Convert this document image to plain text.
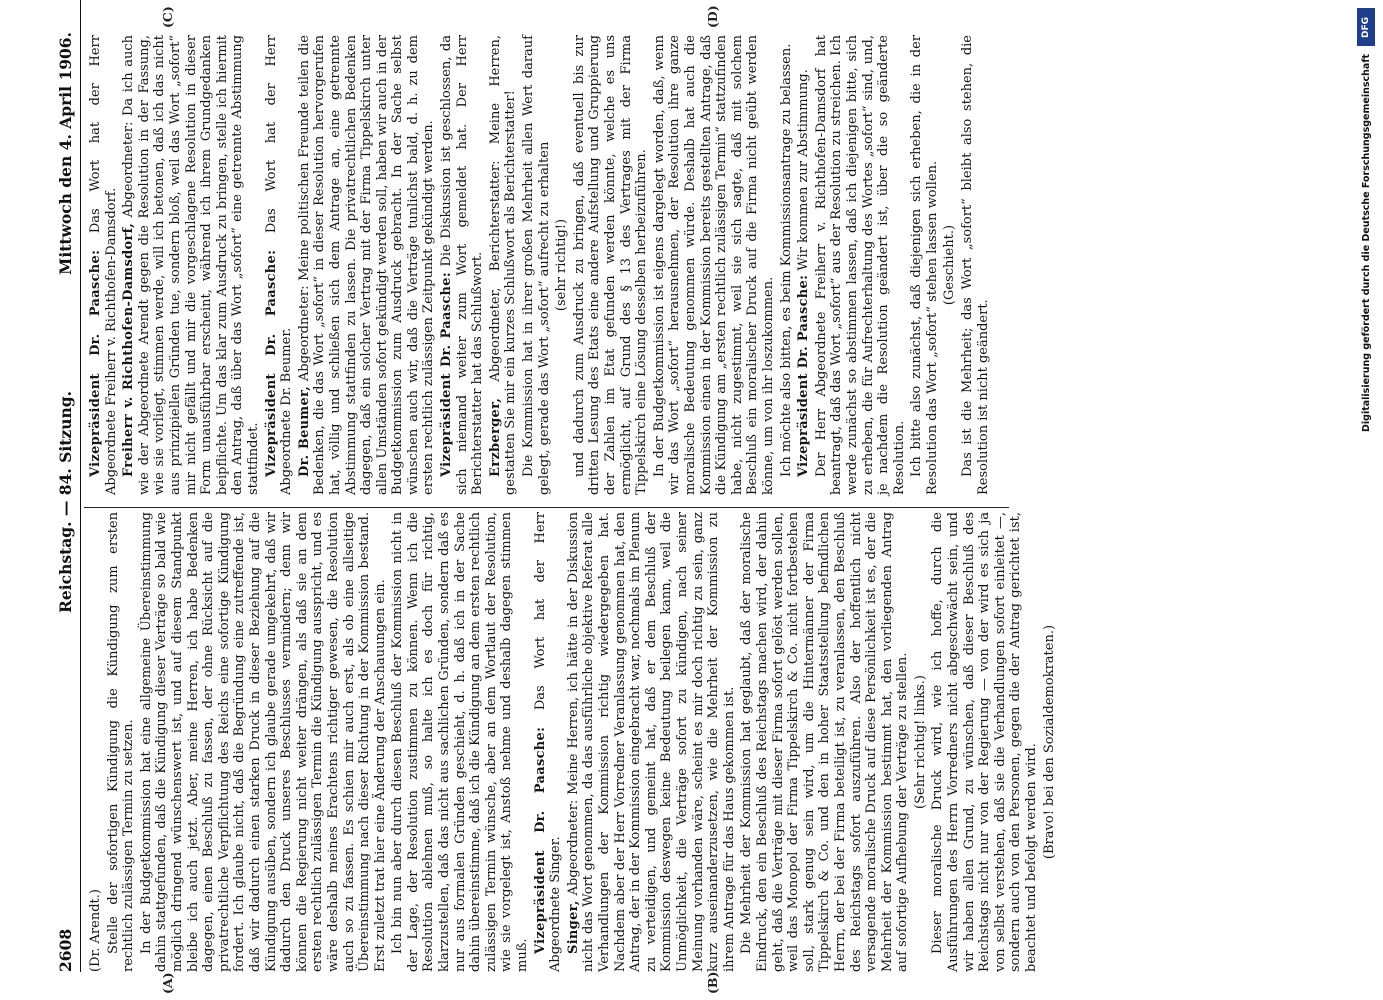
2608
Reichstag. — 84. Sitzung.
Mittwoch den 4. April 1906.
(A)	(B)
(C)	(D)

(Dr. Arendt.) Stelle der sofortigen Kündigung die Kündigung zum ersten rechtlich zulässigen Termin zu setzen. In der Budgetkommission hat eine allgemeine Übereinstimmung dahin stattgefunden, daß die Kündigung dieser Verträge so bald wie möglich dringend wünschenswert ist, und auf diesem Standpunkt bleibe ich auch jetzt. Aber, meine Herren, ich habe Bedenken dagegen, einen Beschluß zu fassen, der ohne Rücksicht auf die privatrechtliche Verpflichtung des Reichs eine sofortige Kündigung fordert. Ich glaube nicht, daß die Begründung eine zutreffende ist, daß wir dadurch einen starken Druck in dieser Beziehung auf die Kündigung ausüben, sondern ich glaube gerade umgekehrt, daß wir dadurch den Druck unseres Beschlusses vermindern; denn wir können die Regierung nicht weiter drängen, als daß sie an dem ersten rechtlich zulässigen Termin die Kündigung ausspricht, und es wäre deshalb meines Erachtens richtiger gewesen, die Resolution auch so zu fassen. Es schien mir auch erst, als ob eine allseitige Übereinstimmung nach dieser Richtung in der Kommission bestand. Erst zuletzt trat hier eine Änderung der Anschauungen ein. Ich bin nun aber durch diesen Beschluß der Kommission nicht in der Lage, der Resolution zustimmen zu können. Wenn ich die Resolution ablehnen muß, so halte ich es doch für richtig, klarzustellen, daß das nicht aus sachlichen Gründen, sondern daß es nur aus formalen Gründen geschieht, d. h. daß ich in der Sache dahin übereinstimme, daß ich die Kündigung an dem ersten rechtlich zulässigen Termin wünsche, aber an dem Wortlaut der Resolution, wie sie vorgelegt ist, Anstoß nehme und deshalb dagegen stimmen muß.

Vizepräsident Dr. Paasche: Das Wort hat der Herr Abgeordnete Singer. Singer, Abgeordneter: Meine Herren, ich hätte in der Diskussion nicht das Wort genommen, da das ausführliche objektive Referat alle Verhandlungen der Kommission richtig wiedergegeben hat. Nachdem aber der Herr Vorredner Veranlassung genommen hat, den Antrag, der in der Kommission eingebracht war, nochmals im Plenum zu verteidigen, und gemeint hat, daß er dem Beschluß der Kommission deswegen keine Bedeutung beilegen kann, weil die Unmöglichkeit, die Verträge sofort zu kündigen, nach seiner Meinung vorhanden wäre, scheint es mir doch richtig zu sein, ganz kurz auseinanderzusetzen, wie die Mehrheit der Kommission zu ihrem Antrage für das Haus gekommen ist. Die Mehrheit der Kommission hat geglaubt, daß der moralische Eindruck, den ein Beschluß des Reichstags machen wird, der dahin geht, daß die Verträge mit dieser Firma sofort gelöst werden sollen, weil das Monopol der Firma Tippelskirch & Co. nicht fortbestehen soll, stark genug sein wird, um die Hintermänner der Firma Tippelskirch & Co. und den in hoher Staatsstellung befindlichen Herrn, der bei der Firma beteiligt ist, zu veranlassen, den Beschluß des Reichstags sofort auszuführen. Also der hoffentlich nicht versagende moralische Druck auf diese Persönlichkeit ist es, der die Mehrheit der Kommission bestimmt hat, den vorliegenden Antrag auf sofortige Aufhebung der Verträge zu stellen. (Sehr richtig! links.) Dieser moralische Druck wird, wie ich hoffe, durch die Ausführungen des Herrn Vorredners nicht abgeschwächt sein, und wir haben allen Grund, zu wünschen, daß dieser Beschluß des Reichstags nicht nur von der Regierung — von der wird es sich ja von selbst verstehen, daß sie die Verhandlungen sofort einleitet —, sondern auch von den Personen, gegen die der Antrag gerichtet ist, beachtet und befolgt werden wird. (Bravo! bei den Sozialdemokraten.)

Vizepräsident Dr. Paasche: Das Wort hat der Herr Abgeordnete Freiherr v. Richthofen-Damsdorf. Freiherr v. Richthofen-Damsdorf, Abgeordneter: Da ich auch wie der Abgeordnete Arendt gegen die Resolution in der Fassung, wie sie vorliegt, stimmen werde, will ich betonen, daß ich das nicht aus prinzipiellen Gründen tue, sondern bloß, weil das Wort „sofort“ mir nicht gefällt und mir die vorgeschlagene Resolution in dieser Form unausführbar erscheint, während ich ihrem Grundgedanken beipflichte. Um das klar zum Ausdruck zu bringen, stelle ich hiermit den Antrag, daß über das Wort „sofort“ eine getrennte Abstimmung stattfindet. Vizepräsident Dr. Paasche: Das Wort hat der Herr Abgeordnete Dr. Beumer. Dr. Beumer, Abgeordneter: Meine politischen Freunde teilen die Bedenken, die das Wort „sofort“ in dieser Resolution hervorgerufen hat, völlig und schließen sich dem Antrage an, eine getrennte Abstimmung stattfinden zu lassen. Die privatrechtlichen Bedenken dagegen, daß ein solcher Vertrag mit der Firma Tippelskirch unter allen Umständen sofort gekündigt werden soll, haben wir auch in der Budgetkommission zum Ausdruck gebracht. In der Sache selbst wünschen auch wir, daß die Verträge tunlichst bald, d. h. zu dem ersten rechtlich zulässigen Zeitpunkt gekündigt werden. Vizepräsident Dr. Paasche: Die Diskussion ist geschlossen, da sich niemand weiter zum Wort gemeldet hat. Der Herr Berichterstatter hat das Schlußwort. Erzberger, Abgeordneter, Berichterstatter: Meine Herren, gestatten Sie mir ein kurzes Schlußwort als Berichterstatter! Die Kommission hat in ihrer großen Mehrheit allen Wert darauf gelegt, gerade das Wort „sofort“ aufrecht zu erhalten (sehr richtig!) und dadurch zum Ausdruck zu bringen, daß eventuell bis zur dritten Lesung des Etats eine andere Aufstellung und Gruppierung der Zahlen im Etat gefunden werden könnte, welche es uns ermöglicht, auf Grund des § 13 des Vertrages mit der Firma Tippelskirch eine Lösung desselben herbeizuführen. In der Budgetkommission ist eigens dargelegt worden, daß, wenn wir das Wort „sofort“ herausnehmen, der Resolution ihre ganze moralische Bedeutung genommen würde. Deshalb hat auch die Kommission einen in der Kommission bereits gestellten Antrage, daß die Kündigung am „ersten rechtlich zulässigen Termin“ stattzufinden habe, nicht zugestimmt, weil sie sich sagte, daß mit solchem Beschluß ein moralischer Druck auf die Firma nicht geübt werden könne, um von ihr loszukommen. Ich möchte also bitten, es beim Kommissionsantrage zu belassen. Vizepräsident Dr. Paasche: Wir kommen zur Abstimmung. Der Herr Abgeordnete Freiherr v. Richthofen-Damsdorf hat beantragt, daß das Wort „sofort“ aus der Resolution zu streichen. Ich werde zunächst so abstimmen lassen, daß ich diejenigen bitte, sich zu erheben, die für Aufrechterhaltung des Wortes „sofort“ sind, und, je nachdem die Resolution geändert ist, über die so geänderte Resolution. Ich bitte also zunächst, daß diejenigen sich erheben, die in der Resolution das Wort „sofort“ stehen lassen wollen. (Geschieht.) Das ist die Mehrheit; das Wort „sofort“ bleibt also stehen, die Resolution ist nicht geändert.

DFG
Digitalisierung gefördert durch die Deutsche Forschungsgemeinschaft
